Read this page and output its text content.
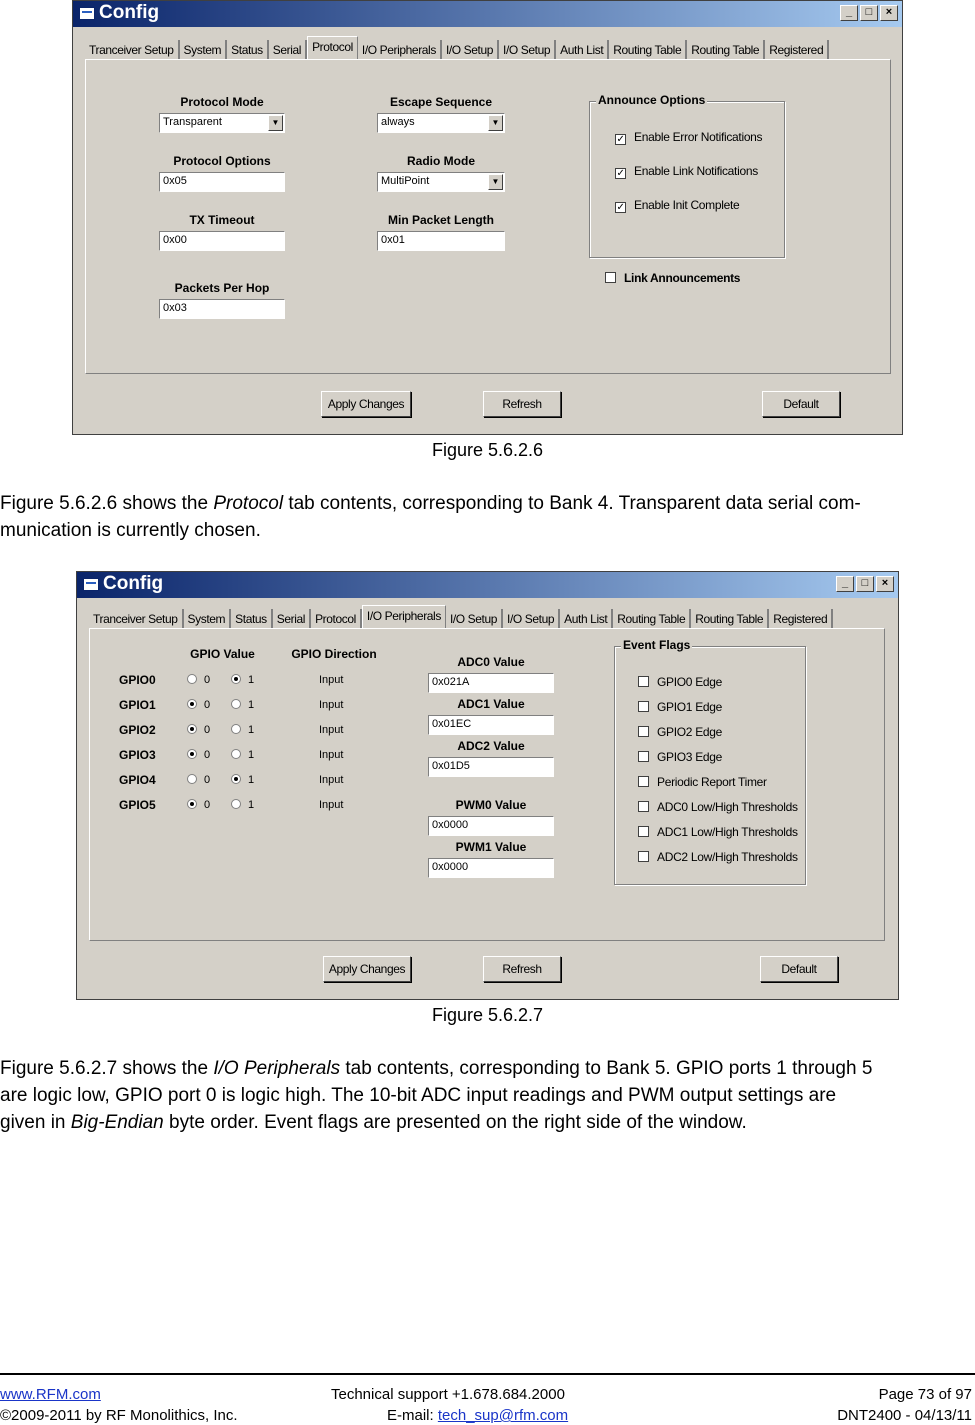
Config	_	□	×
Tranceiver Setup System Status Serial Protocol I/O Peripherals I/O Setup I/O Setup Auth List Routing Table Routing Table Registered
Protocol Mode
Transparent	▼
Protocol Options
0x05
TX Timeout
0x00
Packets Per Hop
0x03
Escape Sequence
always	▼
Radio Mode
MultiPoint	▼
Min Packet Length
0x01
Announce Options
✓ Enable Error Notifications
✓ Enable Link Notifications
✓ Enable Init Complete
Link Announcements
Apply Changes	Refresh	Default
Figure 5.6.2.6
Figure 5.6.2.6 shows the Protocol tab contents, corresponding to Bank 4. Transparent data serial com-
munication is currently chosen.
Config	_	□	×
Tranceiver Setup System Status Serial Protocol I/O Peripherals I/O Setup I/O Setup Auth List Routing Table Routing Table Registered
GPIO Value	GPIO Direction
GPIO0	0	1	Input
GPIO1	0	1	Input
GPIO2	0	1	Input
GPIO3	0	1	Input
GPIO4	0	1	Input
GPIO5	0	1	Input
ADC0 Value
0x021A
ADC1 Value
0x01EC
ADC2 Value
0x01D5
PWM0 Value
0x0000
PWM1 Value
0x0000
Event Flags
GPIO0 Edge
GPIO1 Edge
GPIO2 Edge
GPIO3 Edge
Periodic Report Timer
ADC0 Low/High Thresholds
ADC1 Low/High Thresholds
ADC2 Low/High Thresholds
Apply Changes	Refresh	Default
Figure 5.6.2.7
Figure 5.6.2.7 shows the I/O Peripherals tab contents, corresponding to Bank 5. GPIO ports 1 through 5
are logic low, GPIO port 0 is logic high. The 10-bit ADC input readings and PWM output settings are
given in Big-Endian byte order. Event flags are presented on the right side of the window.
www.RFM.com
©2009-2011 by RF Monolithics, Inc.
Technical support +1.678.684.2000
E-mail: tech_sup@rfm.com
Page 73 of 97
DNT2400 - 04/13/11
